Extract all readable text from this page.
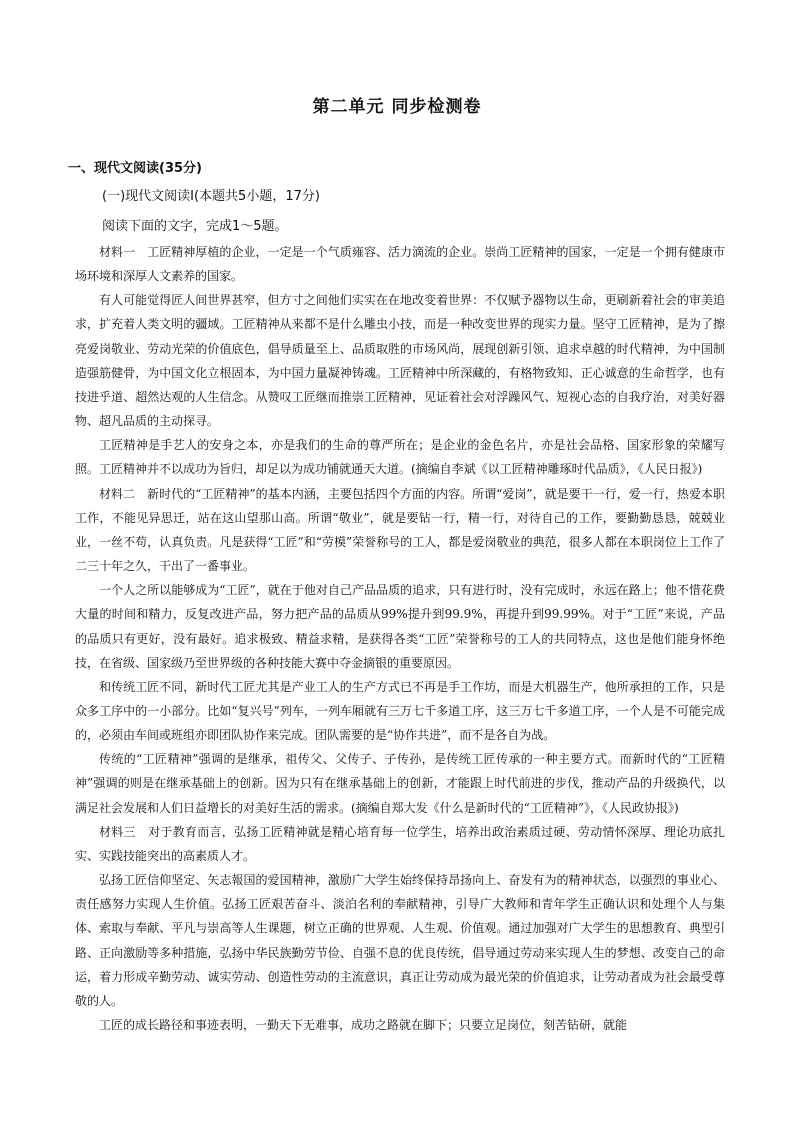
第二单元 同步检测卷
一、现代文阅读(35分)
(一)现代文阅读Ⅰ(本题共5小题，17分)
阅读下面的文字，完成1～5题。

材料一　工匠精神厚植的企业，一定是一个气质雍容、活力滴流的企业。崇尚工匠精神的国家，一定是一个拥有健康市场环境和深厚人文素养的国家。

有人可能觉得匠人间世界甚窄，但方寸之间他们实实在在地改变着世界：不仅赋予器物以生命，更刷新着社会的审美追求，扩充着人类文明的疆域。工匠精神从来都不是什么雕虫小技，而是一种改变世界的现实力量。坚守工匠精神，是为了擦亮爱岗敬业、劳动光荣的价值底色，倡导质量至上、品质取胜的市场风尚，展现创新引领、追求卓越的时代精神，为中国制造强筋健骨，为中国文化立根固本，为中国力量凝神铸魂。工匠精神中所深藏的，有格物致知、正心诚意的生命哲学，也有技进乎道、超然达观的人生信念。从赞叹工匠继而推崇工匠精神，见证着社会对浮躁风气、短视心态的自我疗治，对美好器物、超凡品质的主动探寻。

工匠精神是手艺人的安身之本，亦是我们的生命的尊严所在；是企业的金色名片，亦是社会品格、国家形象的荣耀写照。工匠精神并不以成功为旨归，却足以为成功铺就通天大道。(摘编自李斌《以工匠精神雕琢时代品质》，《人民日报》)

材料二　新时代的“工匠精神”的基本内涵，主要包括四个方面的内容。所谓“爱岗”，就是要干一行，爱一行，热爱本职工作，不能见异思迁，站在这山望那山高。所谓“敬业”，就是要钻一行，精一行，对待自己的工作，要勤勤恳恳，兢兢业业，一丝不苟，认真负责。凡是获得“工匠”和“劳模”荣誉称号的工人，都是爱岗敬业的典范，很多人都在本职岗位上工作了二三十年之久，干出了一番事业。

一个人之所以能够成为“工匠”，就在于他对自己产品品质的追求，只有进行时，没有完成时，永远在路上；他不惜花费大量的时间和精力，反复改进产品，努力把产品的品质从99%提升到99.9%，再提升到99.99%。对于“工匠”来说，产品的品质只有更好，没有最好。追求极致、精益求精，是获得各类“工匠”荣誉称号的工人的共同特点，这也是他们能身怀绝技，在省级、国家级乃至世界级的各种技能大赛中夺金摘银的重要原因。

和传统工匠不同，新时代工匠尤其是产业工人的生产方式已不再是手工作坊，而是大机器生产，他所承担的工作，只是众多工序中的一小部分。比如“复兴号”列车，一列车厢就有三万七千多道工序，这三万七千多道工序，一个人是不可能完成的，必须由车间或班组亦即团队协作来完成。团队需要的是“协作共进”，而不是各自为战。

传统的“工匠精神”强调的是继承，祖传父、父传子、子传孙，是传统工匠传承的一种主要方式。而新时代的“工匠精神”强调的则是在继承基础上的创新。因为只有在继承基础上的创新，才能跟上时代前进的步伐，推动产品的升级换代，以满足社会发展和人们日益增长的对美好生活的需求。(摘编自郑大发《什么是新时代的“工匠精神”》，《人民政协报》)

材料三　对于教育而言，弘扬工匠精神就是精心培育每一位学生，培养出政治素质过硬、劳动情怀深厚、理论功底扎实、实践技能突出的高素质人才。

弘扬工匠信仰坚定、矢志報国的爱国精神，激励广大学生始终保持昂扬向上、奋发有为的精神状态，以强烈的事业心、责任感努力实现人生价值。弘扬工匠艰苦奋斗、淡泊名利的奉献精神，引导广大教师和青年学生正确认识和处理个人与集体、索取与奉献、平凡与崇高等人生课题，树立正确的世界观、人生观、价值观。通过加强对广大学生的思想教育、典型引路、正向激励等多种措施，弘扬中华民族勤劳节俭、自强不息的优良传统，倡导通过劳动来实现人生的梦想、改变自己的命运，着力形成辛勤劳动、诚实劳动、创造性劳动的主流意识，真正让劳动成为最光荣的价值追求，让劳动者成为社会最受尊敬的人。

工匠的成长路径和事迹表明，一勤天下无难事，成功之路就在脚下；只要立足岗位，刻苦钻研，就能
